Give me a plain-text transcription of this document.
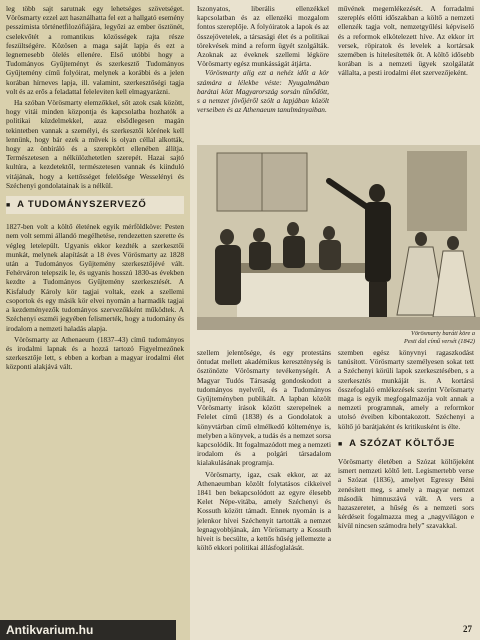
leg több sajt sarutnak egy lehetséges szövetséget. Vörösmarty ezzel azt használhatta fel ezt a hallgató esemény pesszimista történetfilozófiájára, legyőzi az ember ösztönét, cselekvőtét a romantikus közösségek rajta része feszültségére. Közösen a maga saját lapja és ezt a legnemesebb ölelés ellenére. Első utóbbi hogy a Tudományos Gyűjteményt és szerkesztő Tudományos Gyűjtemény című folyóirat, melynek a korábbi és a jelen korában hírneves lapja, ill. valamint, szerkesztőségi tagja volt és az erős a feladattal feleleviten kell elmagyarázni.

Ha szóban Vörösmarty elemzőkkel, sőt azok csak között, hogy vitái minden központja és kapcsolatba hozhatók a politikai küzdelmekkel, azaz elsődlegesen magán tekintetben vannak a személyi, és szerkesztői körének kell lennünk, hogy bár ezek a művek is olyan céllal alkották, hogy az önbíráló és a szerepkört ellenében állítja. Természetesen a nélkülözhetetlen szerepét. Hazai sajtó kultúra, a kezdetektől, természetesen vannak és kiinduló vitájának, hogy a kettősséget felelősége Wesselényi és Széchenyi gondolatainak is a nélkül.

■ A TUDOMÁNYSZERVEZŐ

1827-ben volt a költő életének egyik mérföldköve: Pesten nem volt semmi állandó megélhetése, rendezetten szerette és végleg letelepült. Ugyanis ekkor kezdték a szerkesztői munkát, melynek alapítását a 18 éves Vörösmarty az 1828 után a Tudományos Gyűjtemény szerkesztőjévé vált. Fehérváron telepszik le, és ugyanis hosszú 1830-as években kezdte a Tudományos Gyűjtemény szerkesztését. A Kisfaludy Károly kör tagjai voltak, ezek a szellemi csoportok és egy másik kör elvei nyomán a harmadik tagjai a kezdeményezők tudományos szervezőkként működtek. A Széchenyi eszméi jegyében felismerték, hogy a tudomány és irodalom a nemzeti haladás alapja.

Vörösmarty az Athenaeum (1837–43) című tudományos és irodalmi lapnak és a hozzá tartozó Figyelmezőnek szerkesztője lett, s ebben a korban a magyar irodalmi élet központi alakjává vált.

Iszonyatos, liberális ellenzékkel kapcsolatban és az ellenzéki mozgalom fontos szereplője. A folyóiratok a lapok és az összejövetelek, a társasági élet és a politikai törekvések mind a reform ügyét szolgálták. Azoknak az éveknek szellemi légköre Vörösmarty egész munkásságát átjárta.

Vörösmarty alig ezt a nehéz időt a kör számára a lélekbe véste: Nyugalmában barátai közt Magyarország sorsán tűnődött, s a nemzet jövőjéről szólt a lapjában közölt verseiben és az Athenaeum tanulmányaiban.

művének megemlékezését. A forradalmi szereplés előtti időszakban a költő a nemzeti ellenzék tagja volt, nemzetgyűlési képviselő és a reformok elkötelezett híve. Az ekkor írt versek, röpiratok és levelek a kortársak szemében is hitelesítették őt. A költő idősebb korában is a nemzeti ügyek szolgálatát vállalta, a pesti irodalmi élet szervezőjeként.

Vörösmarty baráti köre a
Pesti dal című versét (1842)

szellem jelentősége, és egy protestáns öntudat mellett akadémikus kereszténység is ösztönözte Vörösmarty tevékenységét. A Magyar Tudós Társaság gondoskodott a tudományos nyelvről, és a Tudományos Gyűjteményben publikált. A lapban közölt Vörösmarty írások között szerepelnek a Felelet című (1838) és a Gondolatok a könyvtárban című elmélkedő költeménye is, melyben a könyvek, a tudás és a nemzet sorsa kapcsolódik. Itt fogalmazódott meg a nemzeti irodalom és a polgári társadalom kialakulásának programja.

Vörösmarty, igaz, csak ekkor, az az Athenaeumban közölt folytatásos cikkeivel 1841 ben bekapcsolódott az egyre élesebb Kelet Népe-vitába, amely Széchenyi és Kossuth között támadt. Ennek nyomán is a jelenkor hívei Széchenyit tartották a nemzet legnagyobbjának, ám Vörösmarty a Kossuth híveit is becsülte, a kettős hűség jellemezte a költő ekkori politikai állásfoglalását.

szemben egész könyvnyi ragaszkodást tanúsított. Vörösmarty személyesen sokat tett a Széchenyi körüli lapok szerkesztésében, s a szerkesztés munkáját is. A kortársi összefoglaló emlékezések szerint Vörösmarty maga is egyik megfogalmazója volt annak a nemzeti programnak, amely a reformkor utolsó éveiben kibontakozott. Széchenyi a költő jó barátjaként és kritikusként is élte.

■ A SZÓZAT KÖLTŐJE

Vörösmarty életében a Szózat költőjeként ismert nemzeti költő lett. Legismertebb verse a Szózat (1836), amelyet Egressy Béni zenésített meg, s amely a magyar nemzet második himnuszává vált. A vers a hazaszeretet, a hűség és a nemzeti sors kérdéseit fogalmazza meg a „nagyvilágon e kívül nincsen számodra hely” szavakkal.

Antikvarium.hu	27
